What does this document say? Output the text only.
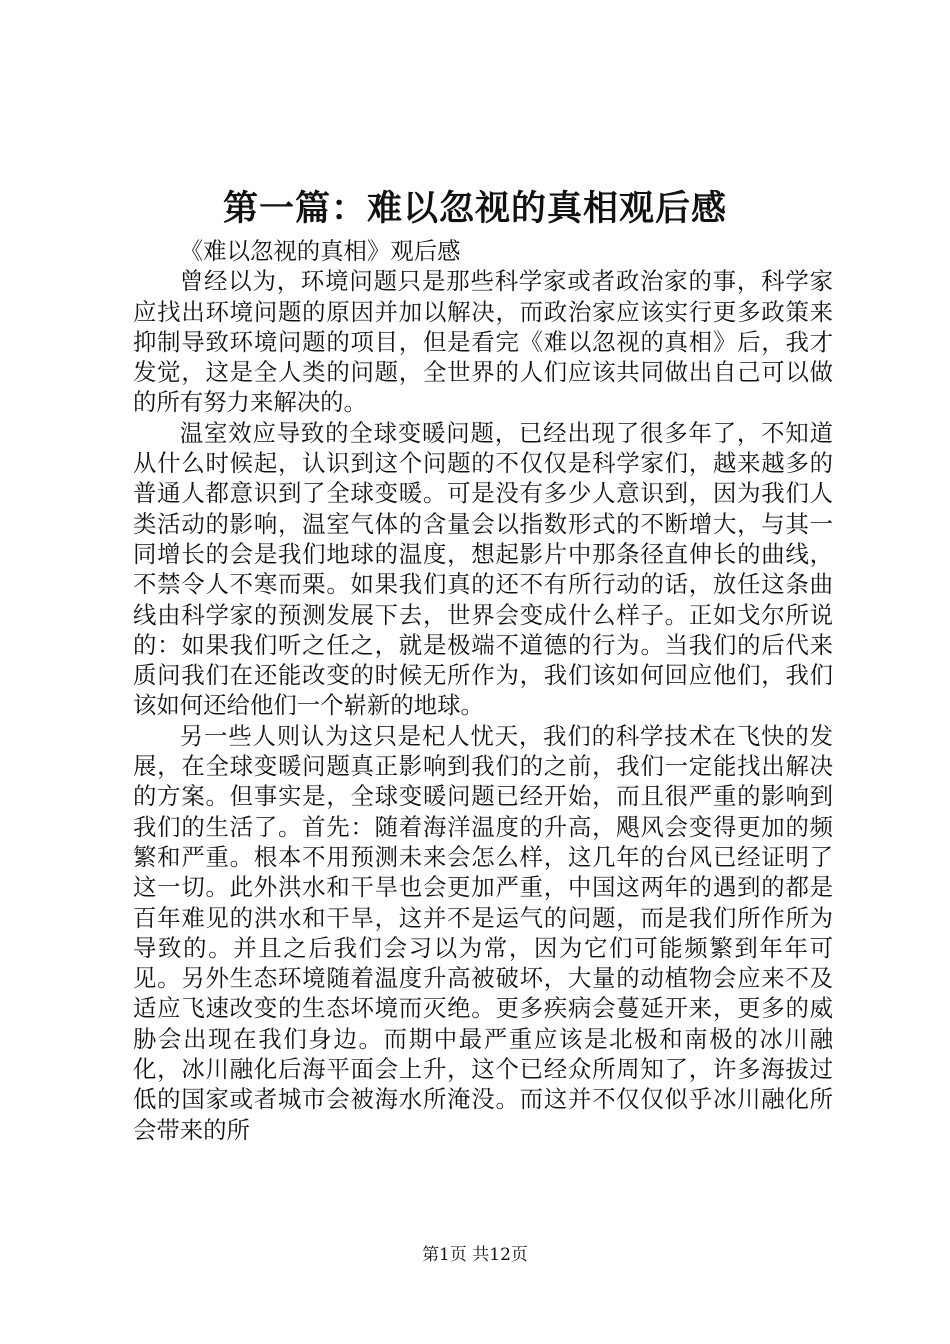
第一篇：难以忽视的真相观后感
《难以忽视的真相》观后感

曾经以为，环境问题只是那些科学家或者政治家的事，科学家应找出环境问题的原因并加以解决，而政治家应该实行更多政策来抑制导致环境问题的项目，但是看完《难以忽视的真相》后，我才发觉，这是全人类的问题，全世界的人们应该共同做出自己可以做的所有努力来解决的。

温室效应导致的全球变暖问题，已经出现了很多年了，不知道从什么时候起，认识到这个问题的不仅仅是科学家们，越来越多的普通人都意识到了全球变暖。可是没有多少人意识到，因为我们人类活动的影响，温室气体的含量会以指数形式的不断增大，与其一同增长的会是我们地球的温度，想起影片中那条径直伸长的曲线，不禁令人不寒而栗。如果我们真的还不有所行动的话，放任这条曲线由科学家的预测发展下去，世界会变成什么样子。正如戈尔所说的：如果我们听之任之，就是极端不道德的行为。当我们的后代来质问我们在还能改变的时候无所作为，我们该如何回应他们，我们该如何还给他们一个崭新的地球。

另一些人则认为这只是杞人忧天，我们的科学技术在飞快的发展，在全球变暖问题真正影响到我们的之前，我们一定能找出解决的方案。但事实是，全球变暖问题已经开始，而且很严重的影响到我们的生活了。首先：随着海洋温度的升高，飓风会变得更加的频繁和严重。根本不用预测未来会怎么样，这几年的台风已经证明了这一切。此外洪水和干旱也会更加严重，中国这两年的遇到的都是百年难见的洪水和干旱，这并不是运气的问题，而是我们所作所为导致的。并且之后我们会习以为常，因为它们可能频繁到年年可见。另外生态环境随着温度升高被破坏，大量的动植物会应来不及适应飞速改变的生态坏境而灭绝。更多疾病会蔓延开来，更多的威胁会出现在我们身边。而期中最严重应该是北极和南极的冰川融化，冰川融化后海平面会上升，这个已经众所周知了，许多海拔过低的国家或者城市会被海水所淹没。而这并不仅仅似乎冰川融化所会带来的所

第1页 共12页
